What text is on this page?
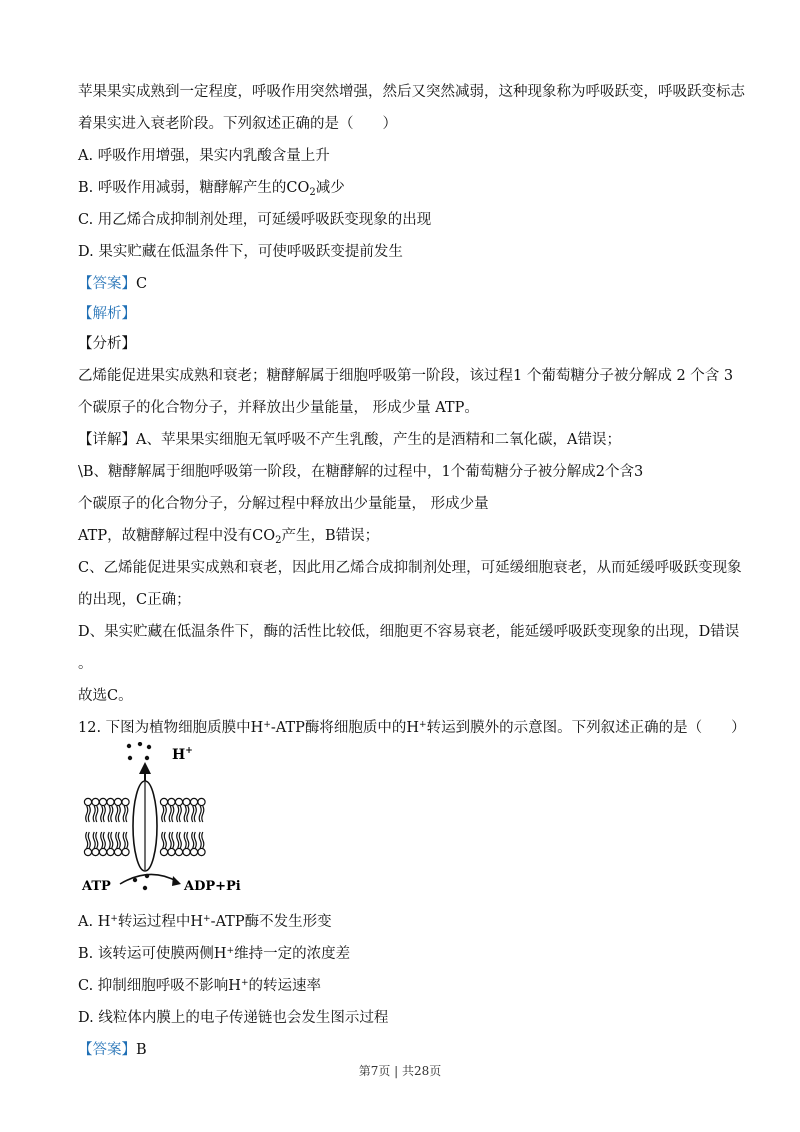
苹果果实成熟到一定程度，呼吸作用突然增强，然后又突然减弱，这种现象称为呼吸跃变，呼吸跃变标志
着果实进入衰老阶段。下列叙述正确的是（　　）
A. 呼吸作用增强，果实内乳酸含量上升
B. 呼吸作用减弱，糖酵解产生的$CO_2$减少
C. 用乙烯合成抑制剂处理，可延缓呼吸跃变现象的出现
D. 果实贮藏在低温条件下，可使呼吸跃变提前发生
【答案】C
【解析】
【分析】
乙烯能促进果实成熟和衰老；糖酵解属于细胞呼吸第一阶段，该过程1 个葡萄糖分子被分解成 2 个含 3
个碳原子的化合物分子，并释放出少量能量， 形成少量 ATP。
【详解】A、苹果果实细胞无氧呼吸不产生乳酸，产生的是酒精和二氧化碳，A错误；
\B、糖酵解属于细胞呼吸第一阶段，在糖酵解的过程中，1个葡萄糖分子被分解成2个含3
个碳原子的化合物分子，分解过程中释放出少量能量， 形成少量
ATP，故糖酵解过程中没有$CO_2$产生，B错误；
C、乙烯能促进果实成熟和衰老，因此用乙烯合成抑制剂处理，可延缓细胞衰老，从而延缓呼吸跃变现象
的出现，C正确；
D、果实贮藏在低温条件下，酶的活性比较低，细胞更不容易衰老，能延缓呼吸跃变现象的出现，D错误
。
故选C。
12. 下图为植物细胞质膜中H+-ATP酶将细胞质中的H+转运到膜外的示意图。下列叙述正确的是（　　）
H+
ATP	ADP+Pi
A. H+转运过程中H+-ATP酶不发生形变
B. 该转运可使膜两侧H+维持一定的浓度差
C. 抑制细胞呼吸不影响H+的转运速率
D. 线粒体内膜上的电子传递链也会发生图示过程
【答案】B
第7页 | 共28页
